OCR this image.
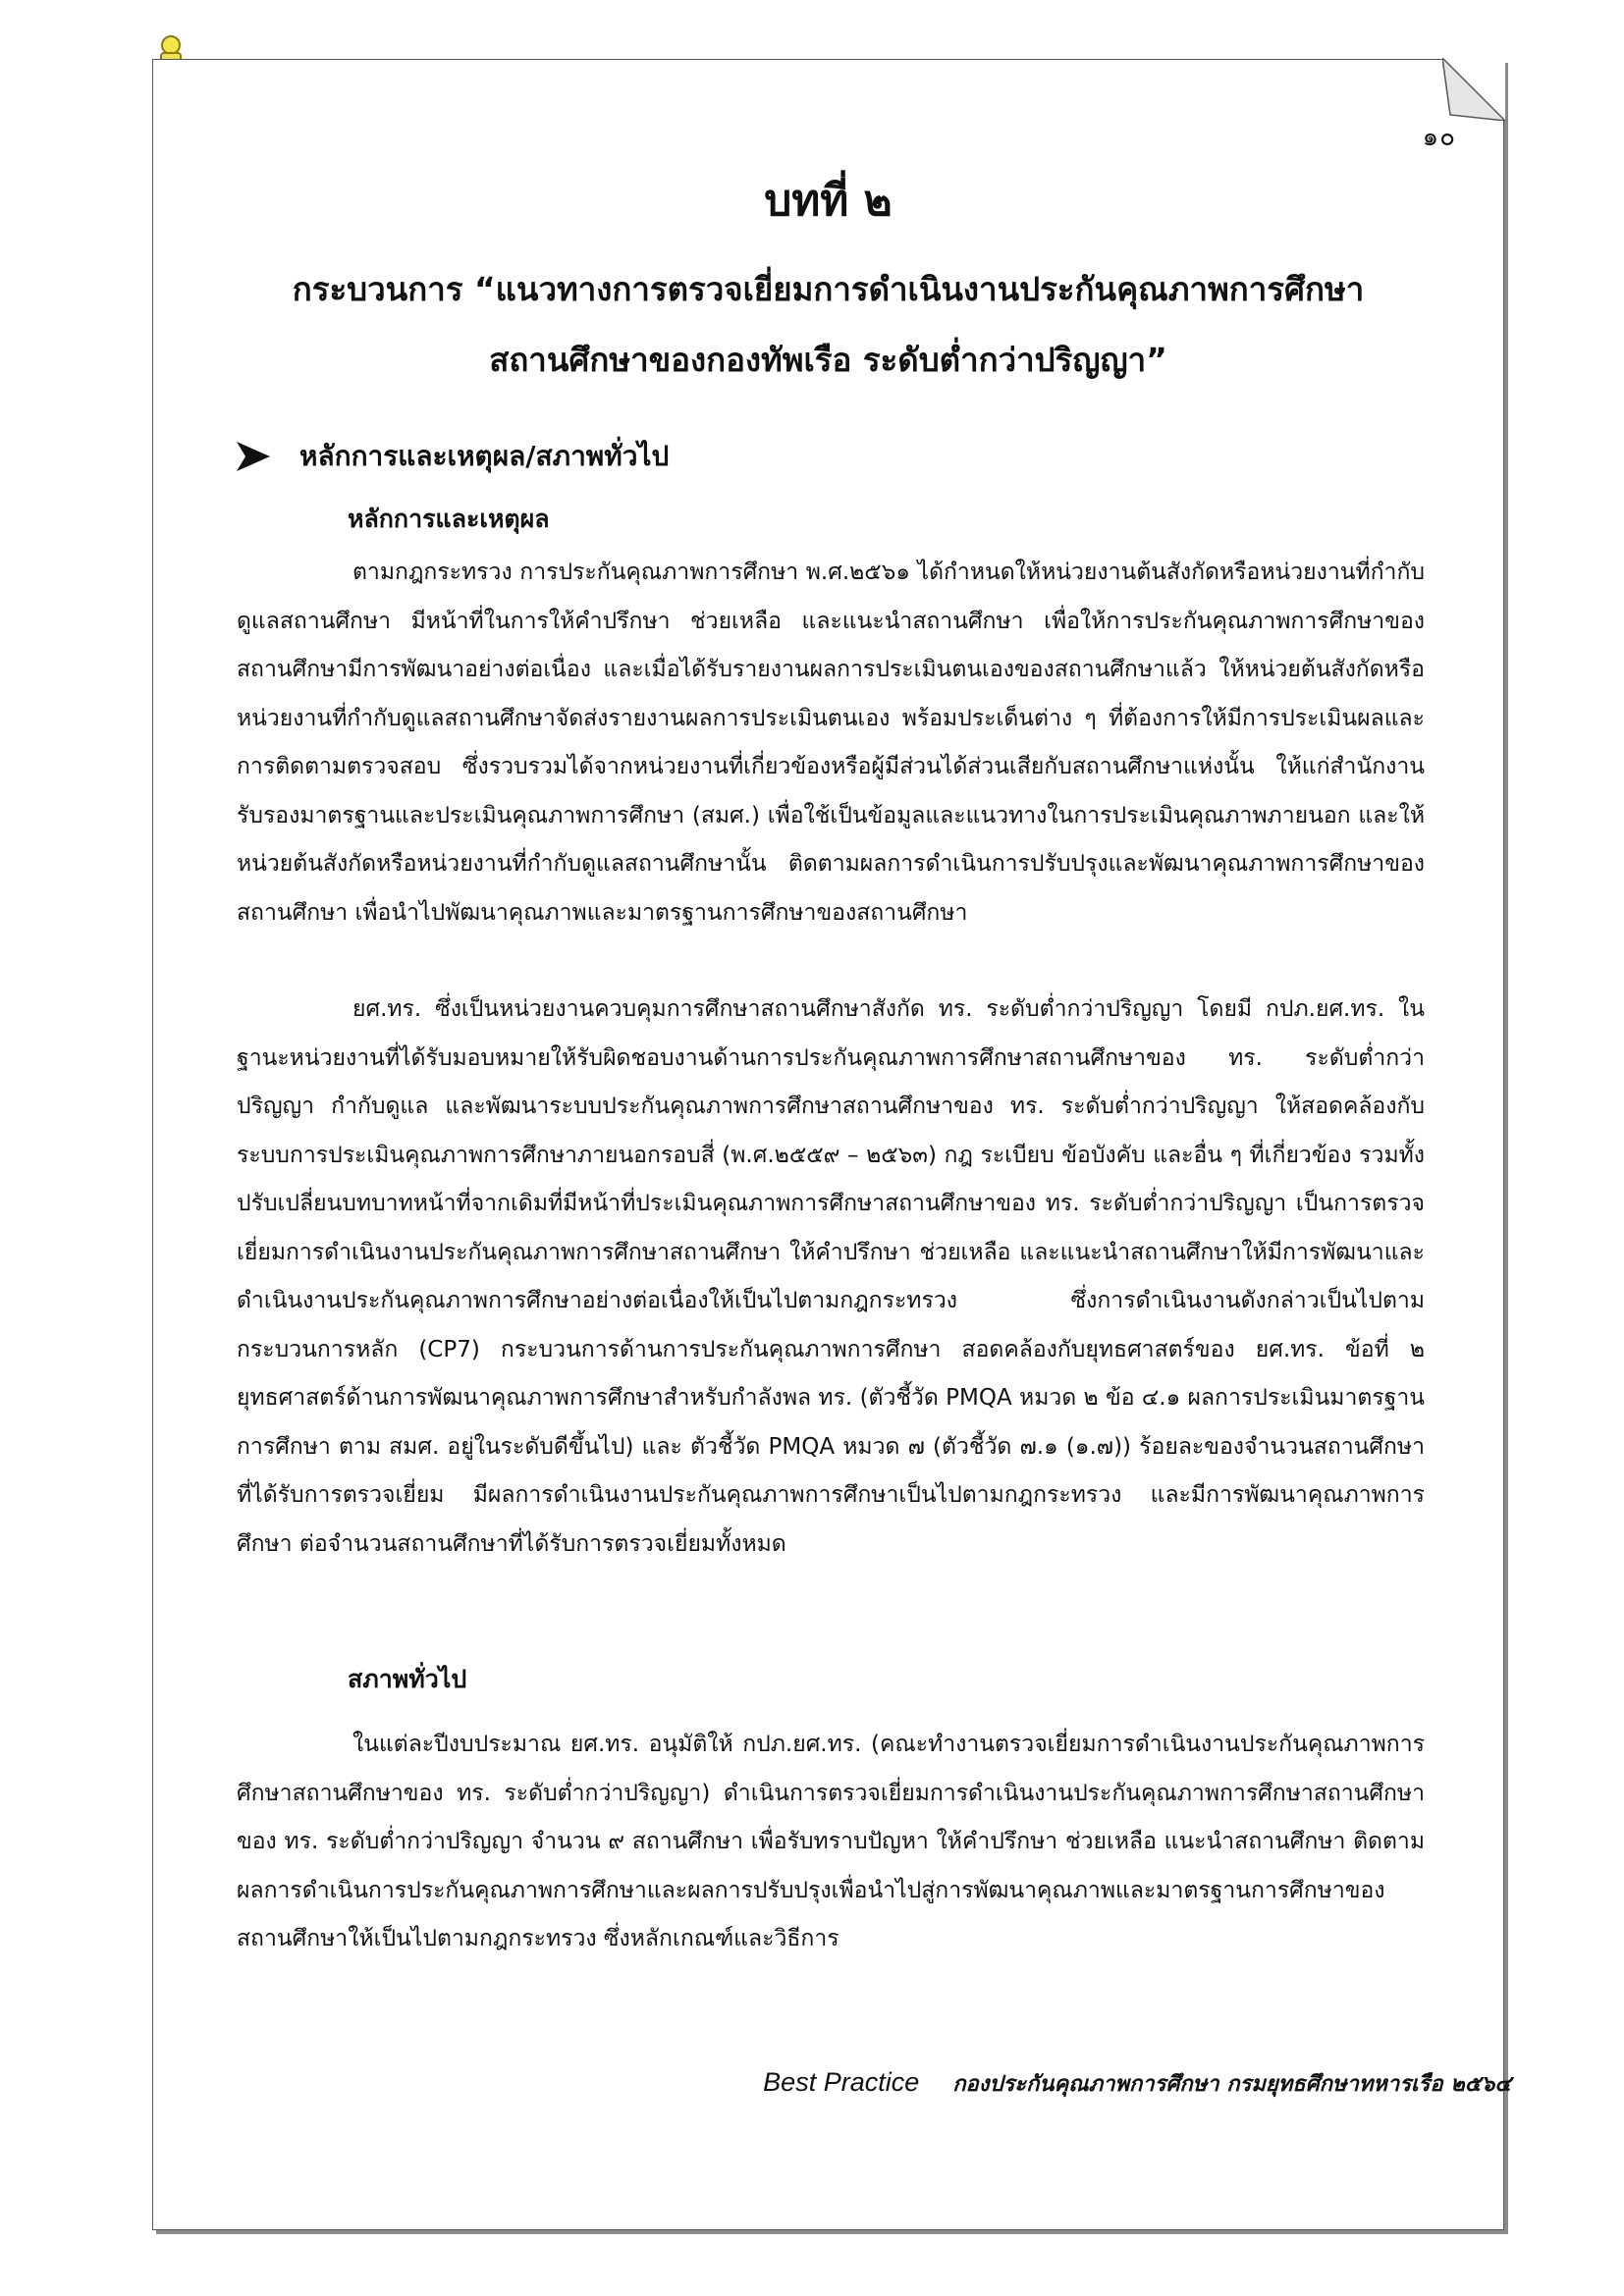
๑๐
บทที่ ๒
กระบวนการ “แนวทางการตรวจเยี่ยมการดำเนินงานประกันคุณภาพการศึกษา
สถานศึกษาของกองทัพเรือ ระดับต่ำกว่าปริญญา”
หลักการและเหตุผล/สภาพทั่วไป
หลักการและเหตุผล
ตามกฎกระทรวง การประกันคุณภาพการศึกษา พ.ศ.๒๕๖๑ ได้กำหนดให้หน่วยงานต้นสังกัดหรือหน่วยงานที่กำกับดูแลสถานศึกษา มีหน้าที่ในการให้คำปรึกษา ช่วยเหลือ และแนะนำสถานศึกษา เพื่อให้การประกันคุณภาพการศึกษาของสถานศึกษามีการพัฒนาอย่างต่อเนื่อง และเมื่อได้รับรายงานผลการประเมินตนเองของสถานศึกษาแล้ว ให้หน่วยต้นสังกัดหรือหน่วยงานที่กำกับดูแลสถานศึกษาจัดส่งรายงานผลการประเมินตนเอง พร้อมประเด็นต่าง ๆ ที่ต้องการให้มีการประเมินผลและการติดตามตรวจสอบ ซึ่งรวบรวมได้จากหน่วยงานที่เกี่ยวข้องหรือผู้มีส่วนได้ส่วนเสียกับสถานศึกษาแห่งนั้น ให้แก่สำนักงานรับรองมาตรฐานและประเมินคุณภาพการศึกษา (สมศ.) เพื่อใช้เป็นข้อมูลและแนวทางในการประเมินคุณภาพภายนอก และให้หน่วยต้นสังกัดหรือหน่วยงานที่กำกับดูแลสถานศึกษานั้น ติดตามผลการดำเนินการปรับปรุงและพัฒนาคุณภาพการศึกษาของสถานศึกษา เพื่อนำไปพัฒนาคุณภาพและมาตรฐานการศึกษาของสถานศึกษา
ยศ.ทร. ซึ่งเป็นหน่วยงานควบคุมการศึกษาสถานศึกษาสังกัด ทร. ระดับต่ำกว่าปริญญา โดยมี กปภ.ยศ.ทร. ในฐานะหน่วยงานที่ได้รับมอบหมายให้รับผิดชอบงานด้านการประกันคุณภาพการศึกษาสถานศึกษาของ ทร. ระดับต่ำกว่าปริญญา กำกับดูแล และพัฒนาระบบประกันคุณภาพการศึกษาสถานศึกษาของ ทร. ระดับต่ำกว่าปริญญา ให้สอดคล้องกับระบบการประเมินคุณภาพการศึกษาภายนอกรอบสี่ (พ.ศ.๒๕๕๙ – ๒๕๖๓) กฎ ระเบียบ ข้อบังคับ และอื่น ๆ ที่เกี่ยวข้อง รวมทั้งปรับเปลี่ยนบทบาทหน้าที่จากเดิมที่มีหน้าที่ประเมินคุณภาพการศึกษาสถานศึกษาของ ทร. ระดับต่ำกว่าปริญญา เป็นการตรวจเยี่ยมการดำเนินงานประกันคุณภาพการศึกษาสถานศึกษา ให้คำปรึกษา ช่วยเหลือ และแนะนำสถานศึกษาให้มีการพัฒนาและดำเนินงานประกันคุณภาพการศึกษาอย่างต่อเนื่องให้เป็นไปตามกฎกระทรวง ซึ่งการดำเนินงานดังกล่าวเป็นไปตามกระบวนการหลัก (CP7) กระบวนการด้านการประกันคุณภาพการศึกษา สอดคล้องกับยุทธศาสตร์ของ ยศ.ทร. ข้อที่ ๒ ยุทธศาสตร์ด้านการพัฒนาคุณภาพการศึกษาสำหรับกำลังพล ทร. (ตัวชี้วัด PMQA หมวด ๒ ข้อ ๔.๑ ผลการประเมินมาตรฐานการศึกษา ตาม สมศ. อยู่ในระดับดีขึ้นไป) และ ตัวชี้วัด PMQA หมวด ๗ (ตัวชี้วัด ๗.๑ (๑.๗)) ร้อยละของจำนวนสถานศึกษาที่ได้รับการตรวจเยี่ยม มีผลการดำเนินงานประกันคุณภาพการศึกษาเป็นไปตามกฎกระทรวง และมีการพัฒนาคุณภาพการศึกษา ต่อจำนวนสถานศึกษาที่ได้รับการตรวจเยี่ยมทั้งหมด
สภาพทั่วไป
ในแต่ละปีงบประมาณ ยศ.ทร. อนุมัติให้ กปภ.ยศ.ทร. (คณะทำงานตรวจเยี่ยมการดำเนินงานประกันคุณภาพการศึกษาสถานศึกษาของ ทร. ระดับต่ำกว่าปริญญา) ดำเนินการตรวจเยี่ยมการดำเนินงานประกันคุณภาพการศึกษาสถานศึกษาของ ทร. ระดับต่ำกว่าปริญญา จำนวน ๙ สถานศึกษา เพื่อรับทราบปัญหา ให้คำปรึกษา ช่วยเหลือ แนะนำสถานศึกษา ติดตามผลการดำเนินการประกันคุณภาพการศึกษาและผลการปรับปรุงเพื่อนำไปสู่การพัฒนาคุณภาพและมาตรฐานการศึกษาของสถานศึกษาให้เป็นไปตามกฎกระทรวง ซึ่งหลักเกณฑ์และวิธีการ
Best Practice กองประกันคุณภาพการศึกษา กรมยุทธศึกษาทหารเรือ ๒๕๖๔
